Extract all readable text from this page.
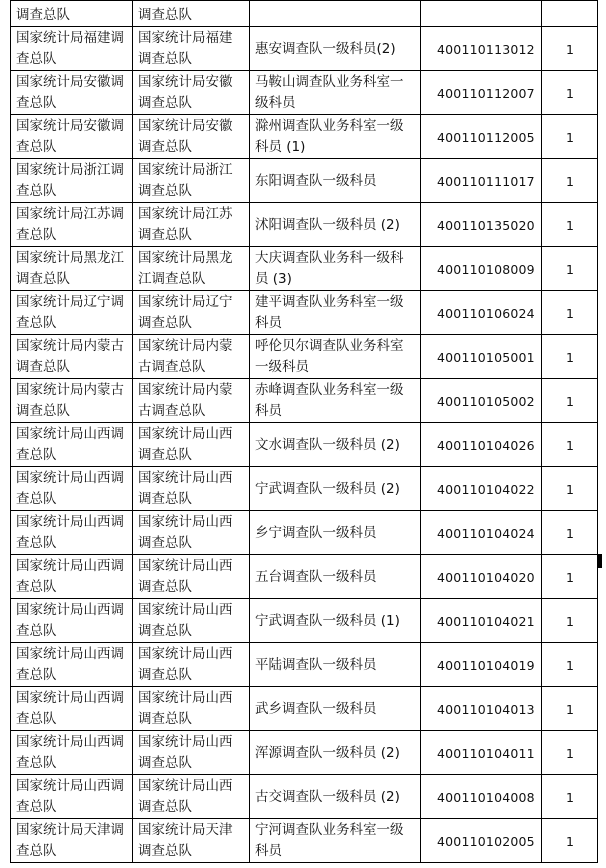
调查总队	调查总队			
国家统计局福建调查总队	国家统计局福建调查总队	惠安调查队一级科员(2)	400110113012	1
国家统计局安徽调查总队	国家统计局安徽调查总队	马鞍山调查队业务科室一级科员	400110112007	1
国家统计局安徽调查总队	国家统计局安徽调查总队	滁州调查队业务科室一级科员 (1)	400110112005	1
国家统计局浙江调查总队	国家统计局浙江调查总队	东阳调查队一级科员	400110111017	1
国家统计局江苏调查总队	国家统计局江苏调查总队	沭阳调查队一级科员 (2)	400110135020	1
国家统计局黑龙江调查总队	国家统计局黑龙江调查总队	大庆调查队业务科一级科员 (3)	400110108009	1
国家统计局辽宁调查总队	国家统计局辽宁调查总队	建平调查队业务科室一级科员	400110106024	1
国家统计局内蒙古调查总队	国家统计局内蒙古调查总队	呼伦贝尔调查队业务科室一级科员	400110105001	1
国家统计局内蒙古调查总队	国家统计局内蒙古调查总队	赤峰调查队业务科室一级科员	400110105002	1
国家统计局山西调查总队	国家统计局山西调查总队	文水调查队一级科员 (2)	400110104026	1
国家统计局山西调查总队	国家统计局山西调查总队	宁武调查队一级科员 (2)	400110104022	1
国家统计局山西调查总队	国家统计局山西调查总队	乡宁调查队一级科员	400110104024	1
国家统计局山西调查总队	国家统计局山西调查总队	五台调查队一级科员	400110104020	1
国家统计局山西调查总队	国家统计局山西调查总队	宁武调查队一级科员 (1)	400110104021	1
国家统计局山西调查总队	国家统计局山西调查总队	平陆调查队一级科员	400110104019	1
国家统计局山西调查总队	国家统计局山西调查总队	武乡调查队一级科员	400110104013	1
国家统计局山西调查总队	国家统计局山西调查总队	浑源调查队一级科员 (2)	400110104011	1
国家统计局山西调查总队	国家统计局山西调查总队	古交调查队一级科员 (2)	400110104008	1
国家统计局天津调查总队	国家统计局天津调查总队	宁河调查队业务科室一级科员	400110102005	1
